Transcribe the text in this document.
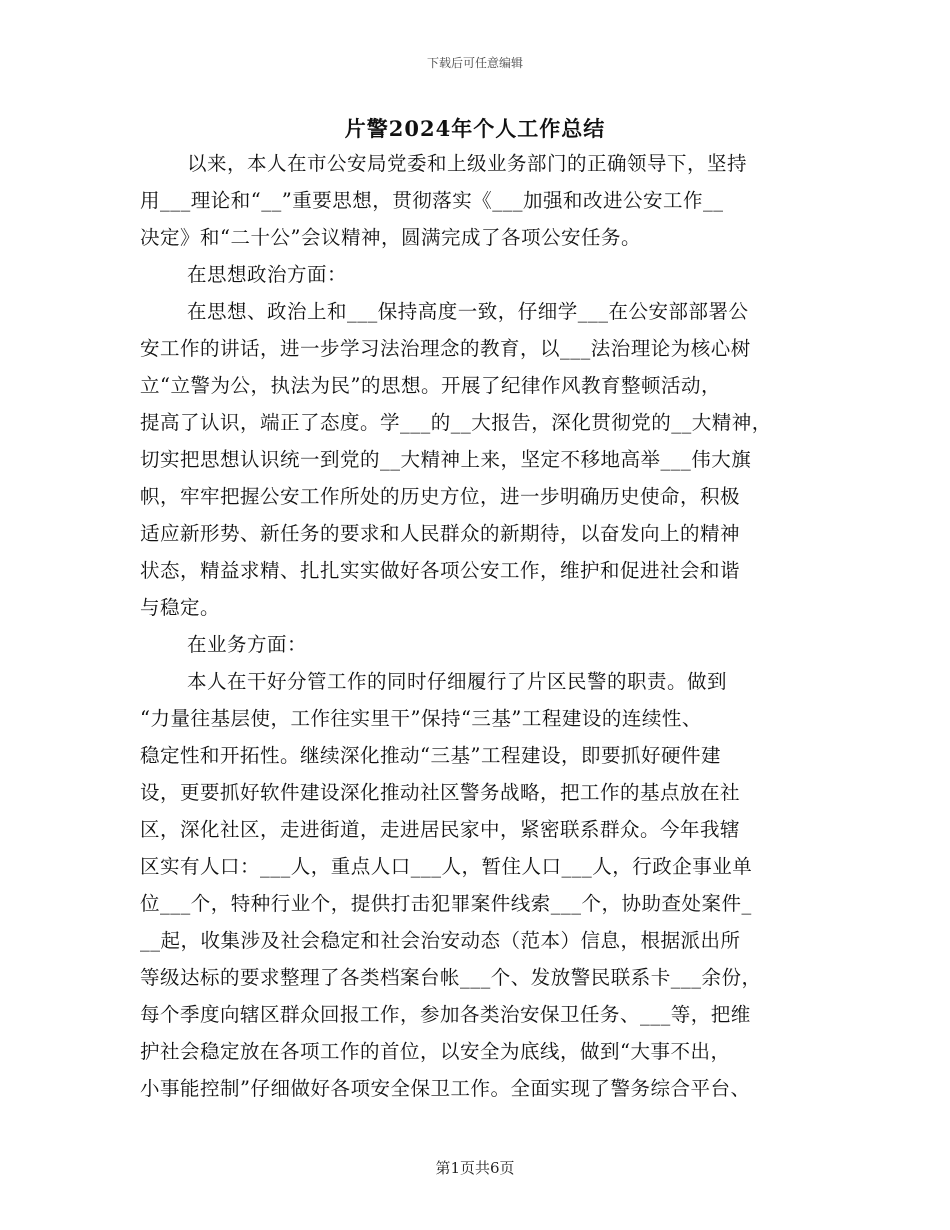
下载后可任意编辑
片警2024年个人工作总结
以来，本人在市公安局党委和上级业务部门的正确领导下，坚持
用___理论和“__”重要思想，贯彻落实《___加强和改进公安工作__
决定》和“二十公”会议精神，圆满完成了各项公安任务。
在思想政治方面：
在思想、政治上和___保持高度一致，仔细学___在公安部部署公
安工作的讲话，进一步学习法治理念的教育，以___法治理论为核心树
立“立警为公，执法为民”的思想。开展了纪律作风教育整顿活动，
提高了认识，端正了态度。学___的__大报告，深化贯彻党的__大精神，
切实把思想认识统一到党的__大精神上来，坚定不移地高举___伟大旗
帜，牢牢把握公安工作所处的历史方位，进一步明确历史使命，积极
适应新形势、新任务的要求和人民群众的新期待，以奋发向上的精神
状态，精益求精、扎扎实实做好各项公安工作，维护和促进社会和谐
与稳定。
在业务方面：
本人在干好分管工作的同时仔细履行了片区民警的职责。做到
“力量往基层使，工作往实里干”保持“三基”工程建设的连续性、
稳定性和开拓性。继续深化推动“三基”工程建设，即要抓好硬件建
设，更要抓好软件建设深化推动社区警务战略，把工作的基点放在社
区，深化社区，走进街道，走进居民家中，紧密联系群众。今年我辖
区实有人口：___人，重点人口___人，暂住人口___人，行政企事业单
位___个，特种行业个，提供打击犯罪案件线索___个，协助查处案件_
__起，收集涉及社会稳定和社会治安动态（范本）信息，根据派出所
等级达标的要求整理了各类档案台帐___个、发放警民联系卡___余份，
每个季度向辖区群众回报工作，参加各类治安保卫任务、___等，把维
护社会稳定放在各项工作的首位，以安全为底线，做到“大事不出，
小事能控制”仔细做好各项安全保卫工作。全面实现了警务综合平台、
第1页共6页
